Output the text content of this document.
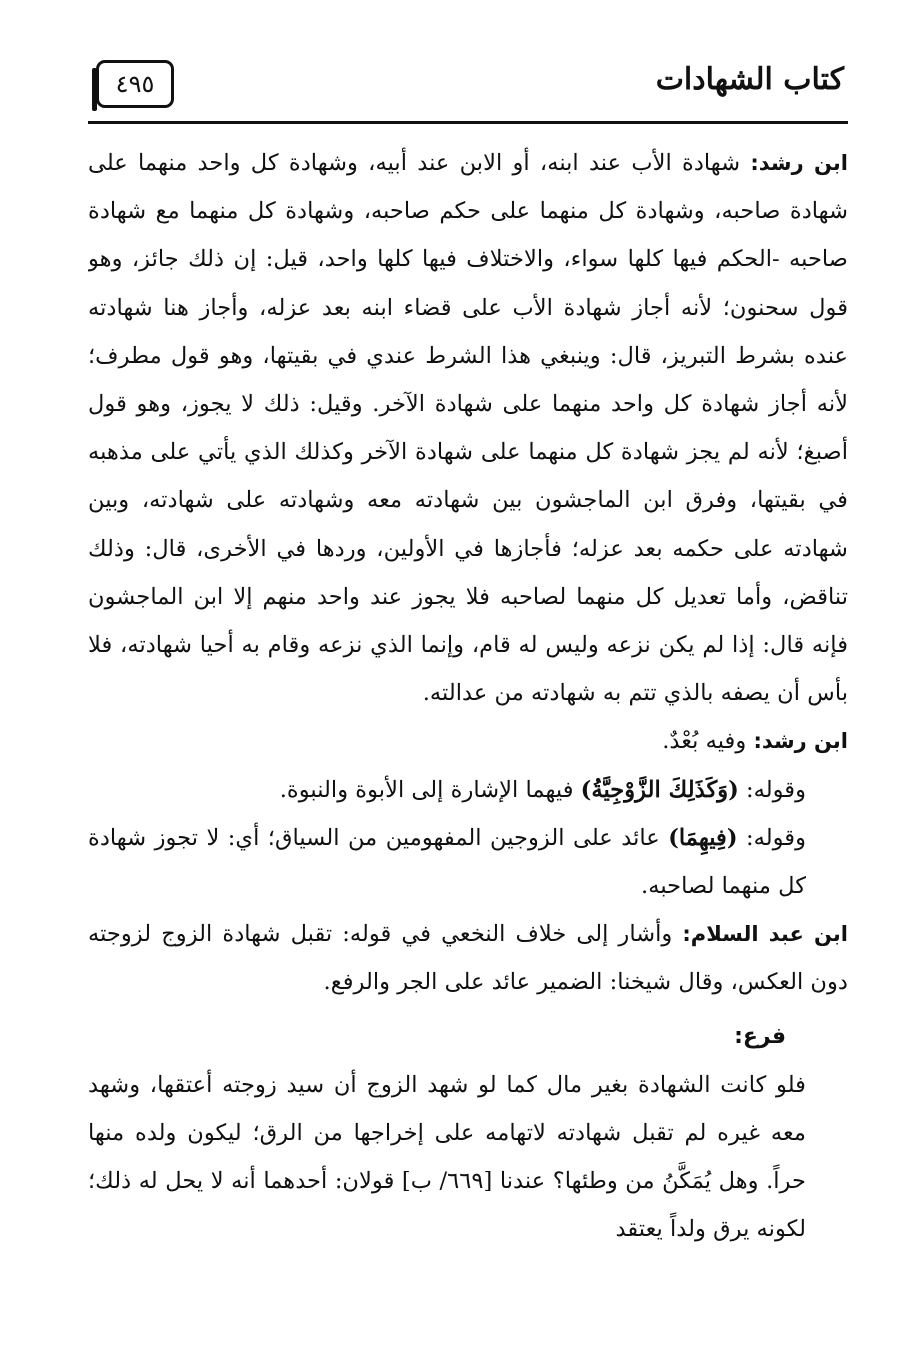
كتاب الشهادات
٤٩٥

ابن رشد: شهادة الأب عند ابنه، أو الابن عند أبيه، وشهادة كل واحد منهما على شهادة صاحبه، وشهادة كل منهما على حكم صاحبه، وشهادة كل منهما مع شهادة صاحبه -الحكم فيها كلها سواء، والاختلاف فيها كلها واحد، قيل: إن ذلك جائز، وهو قول سحنون؛ لأنه أجاز شهادة الأب على قضاء ابنه بعد عزله، وأجاز هنا شهادته عنده بشرط التبريز، قال: وينبغي هذا الشرط عندي في بقيتها، وهو قول مطرف؛ لأنه أجاز شهادة كل واحد منهما على شهادة الآخر. وقيل: ذلك لا يجوز، وهو قول أصبغ؛ لأنه لم يجز شهادة كل منهما على شهادة الآخر وكذلك الذي يأتي على مذهبه في بقيتها، وفرق ابن الماجشون بين شهادته معه وشهادته على شهادته، وبين شهادته على حكمه بعد عزله؛ فأجازها في الأولين، وردها في الأخرى، قال: وذلك تناقض، وأما تعديل كل منهما لصاحبه فلا يجوز عند واحد منهم إلا ابن الماجشون فإنه قال: إذا لم يكن نزعه وليس له قام، وإنما الذي نزعه وقام به أحيا شهادته، فلا بأس أن يصفه بالذي تتم به شهادته من عدالته.

ابن رشد: وفيه بُعْدٌ.

وقوله: (وَكَذَلِكَ الزَّوْجِيَّةُ) فيهما الإشارة إلى الأبوة والنبوة.

وقوله: (فِيهِمَا) عائد على الزوجين المفهومين من السياق؛ أي: لا تجوز شهادة كل منهما لصاحبه.

ابن عبد السلام: وأشار إلى خلاف النخعي في قوله: تقبل شهادة الزوج لزوجته دون العكس، وقال شيخنا: الضمير عائد على الجر والرفع.

فرع:

فلو كانت الشهادة بغير مال كما لو شهد الزوج أن سيد زوجته أعتقها، وشهد معه غيره لم تقبل شهادته لاتهامه على إخراجها من الرق؛ ليكون ولده منها حراً. وهل يُمَكَّنُ من وطئها؟ عندنا [٦٦٩/ ب] قولان: أحدهما أنه لا يحل له ذلك؛ لكونه يرق ولداً يعتقد
